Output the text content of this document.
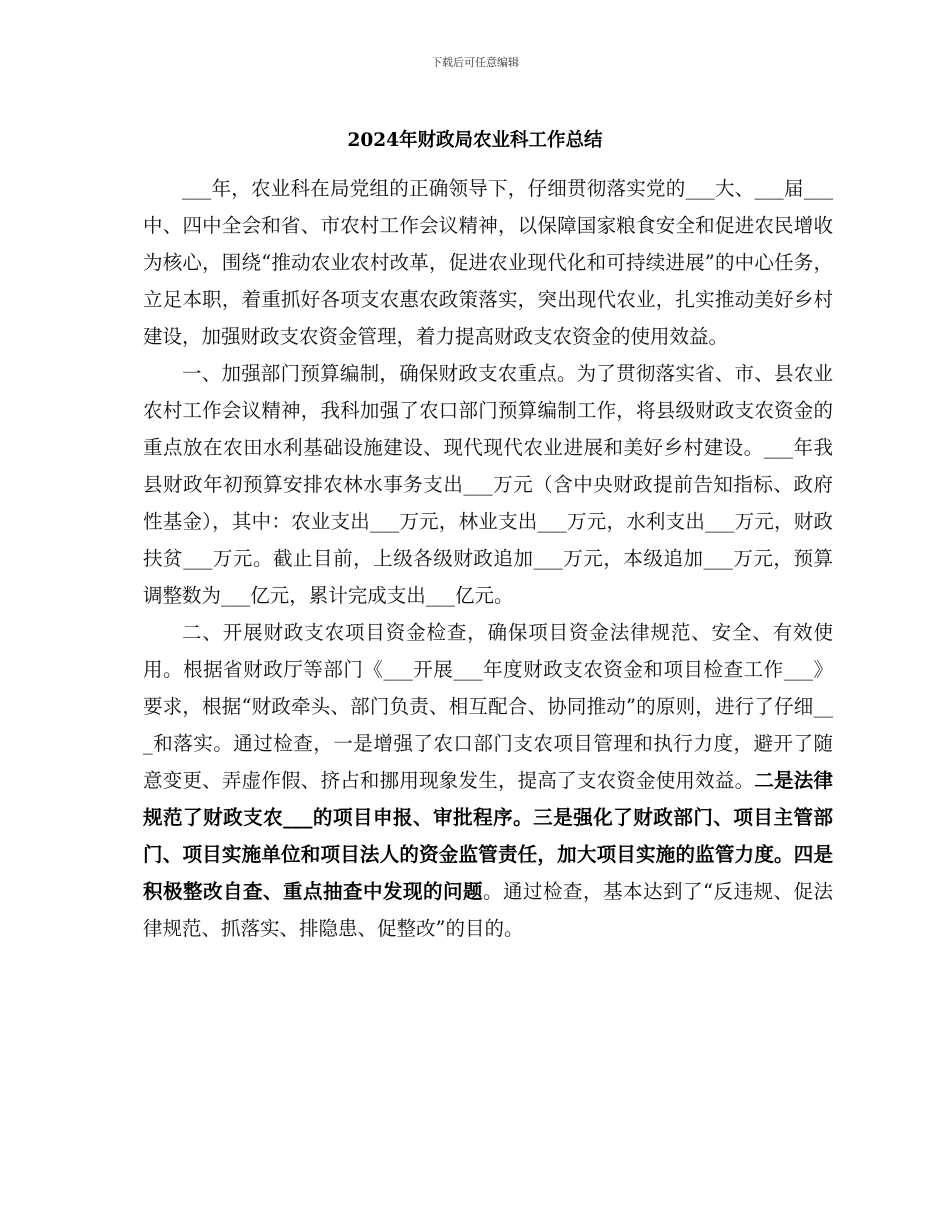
下载后可任意编辑
2024年财政局农业科工作总结

___年，农业科在局党组的正确领导下，仔细贯彻落实党的___大、___届___中、四中全会和省、市农村工作会议精神，以保障国家粮食安全和促进农民增收为核心，围绕“推动农业农村改革，促进农业现代化和可持续进展”的中心任务，立足本职，着重抓好各项支农惠农政策落实，突出现代农业，扎实推动美好乡村建设，加强财政支农资金管理，着力提高财政支农资金的使用效益。

一、加强部门预算编制，确保财政支农重点。为了贯彻落实省、市、县农业农村工作会议精神，我科加强了农口部门预算编制工作，将县级财政支农资金的重点放在农田水利基础设施建设、现代现代农业进展和美好乡村建设。___年我县财政年初预算安排农林水事务支出___万元（含中央财政提前告知指标、政府性基金），其中：农业支出___万元，林业支出___万元，水利支出___万元，财政扶贫___万元。截止目前，上级各级财政追加___万元，本级追加___万元，预算调整数为___亿元，累计完成支出___亿元。

二、开展财政支农项目资金检查，确保项目资金法律规范、安全、有效使用。根据省财政厅等部门《___开展___年度财政支农资金和项目检查工作___》要求，根据“财政牵头、部门负责、相互配合、协同推动”的原则，进行了仔细___和落实。通过检查，一是增强了农口部门支农项目管理和执行力度，避开了随意变更、弄虚作假、挤占和挪用现象发生，提高了支农资金使用效益。二是法律规范了财政支农___的项目申报、审批程序。三是强化了财政部门、项目主管部门、项目实施单位和项目法人的资金监管责任，加大项目实施的监管力度。四是积极整改自查、重点抽查中发现的问题。通过检查，基本达到了“反违规、促法律规范、抓落实、排隐患、促整改”的目的。
